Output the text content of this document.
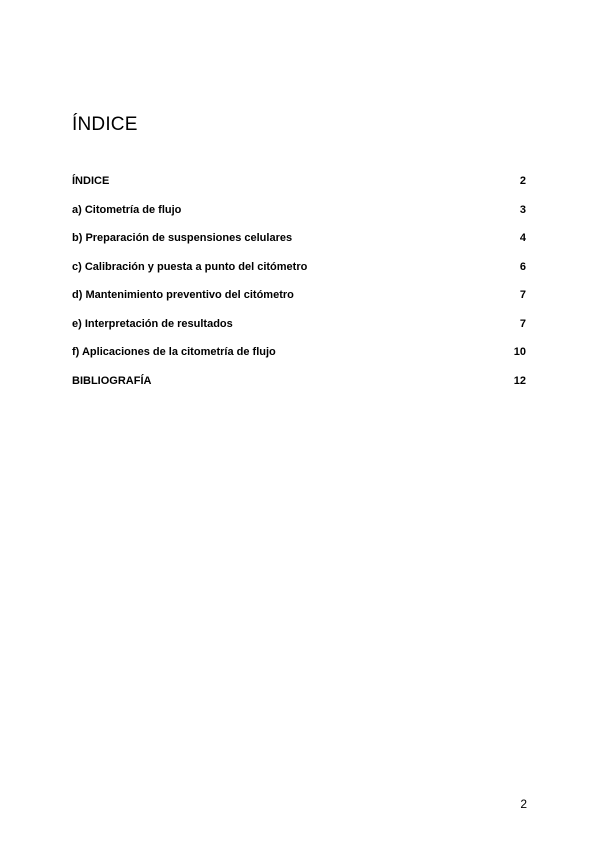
ÍNDICE
ÍNDICE	2
a) Citometría de flujo	3
b) Preparación de suspensiones celulares	4
c) Calibración y puesta a punto del citómetro	6
d) Mantenimiento preventivo del citómetro	7
e) Interpretación de resultados	7
f) Aplicaciones de la citometría de flujo	10
BIBLIOGRAFÍA	12
2
